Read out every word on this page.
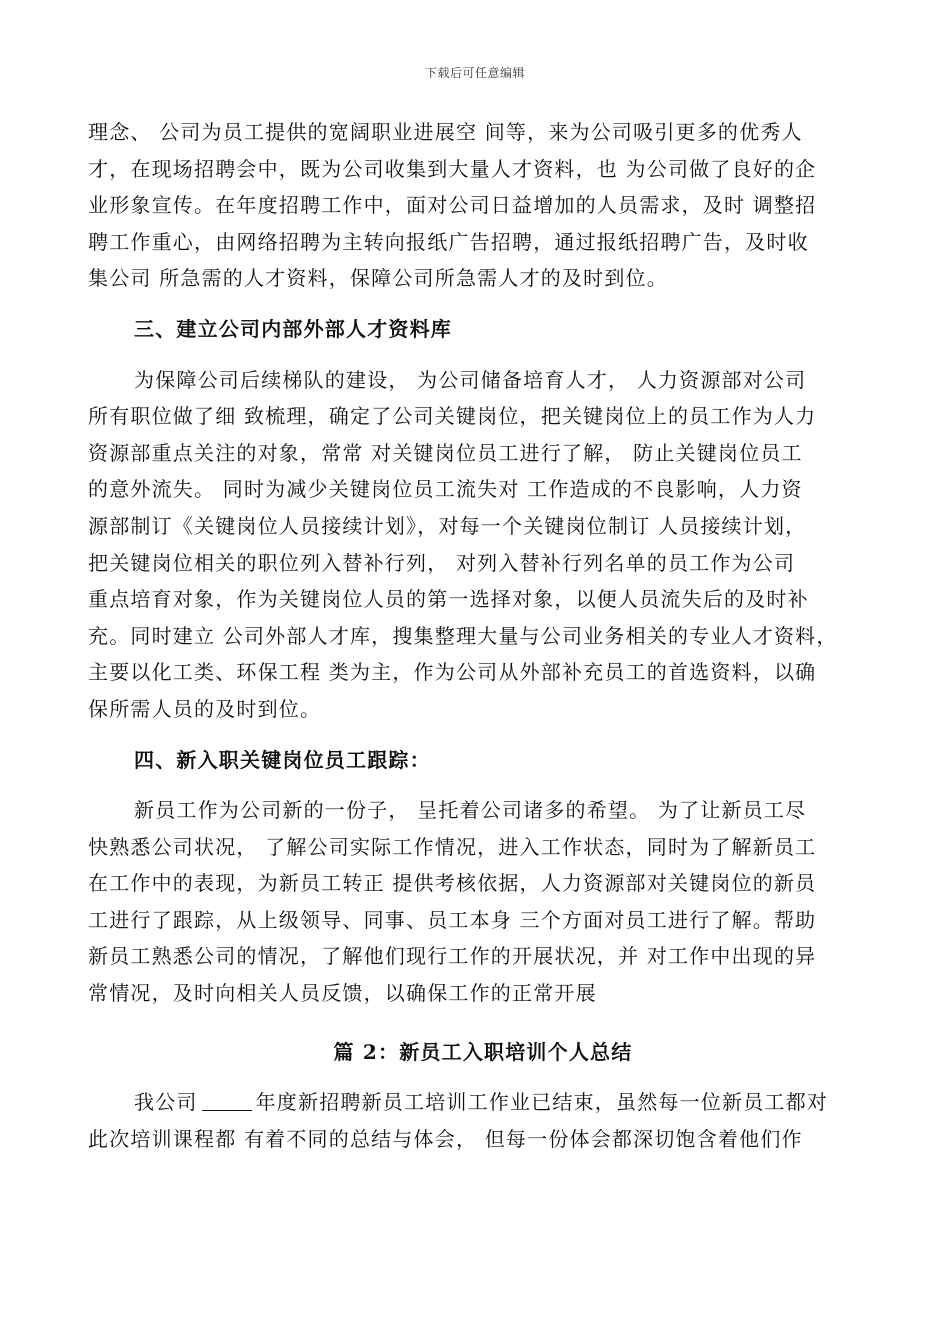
下载后可任意编辑
理念、 公司为员工提供的宽阔职业进展空 间等，来为公司吸引更多的优秀人
才，在现场招聘会中，既为公司收集到大量人才资料，也 为公司做了良好的企
业形象宣传。在年度招聘工作中，面对公司日益增加的人员需求，及时 调整招
聘工作重心，由网络招聘为主转向报纸广告招聘，通过报纸招聘广告，及时收
集公司 所急需的人才资料，保障公司所急需人才的及时到位。
三、建立公司内部外部人才资料库
为保障公司后续梯队的建设， 为公司储备培育人才， 人力资源部对公司
所有职位做了细 致梳理，确定了公司关键岗位，把关键岗位上的员工作为人力
资源部重点关注的对象，常常 对关键岗位员工进行了解， 防止关键岗位员工
的意外流失。 同时为减少关键岗位员工流失对 工作造成的不良影响，人力资
源部制订《关键岗位人员接续计划》，对每一个关键岗位制订 人员接续计划，
把关键岗位相关的职位列入替补行列， 对列入替补行列名单的员工作为公司
重点培育对象，作为关键岗位人员的第一选择对象，以便人员流失后的及时补
充。同时建立 公司外部人才库，搜集整理大量与公司业务相关的专业人才资料，
主要以化工类、环保工程 类为主，作为公司从外部补充员工的首选资料，以确
保所需人员的及时到位。
四、新入职关键岗位员工跟踪：
新员工作为公司新的一份子， 呈托着公司诸多的希望。 为了让新员工尽
快熟悉公司状况， 了解公司实际工作情况，进入工作状态，同时为了解新员工
在工作中的表现，为新员工转正 提供考核依据，人力资源部对关键岗位的新员
工进行了跟踪，从上级领导、同事、员工本身 三个方面对员工进行了解。帮助
新员工熟悉公司的情况，了解他们现行工作的开展状况，并 对工作中出现的异
常情况，及时向相关人员反馈，以确保工作的正常开展
篇 2：新员工入职培训个人总结
我公司	年度新招聘新员工培训工作业已结束，虽然每一位新员工都对
此次培训课程都 有着不同的总结与体会， 但每一份体会都深切饱含着他们作
